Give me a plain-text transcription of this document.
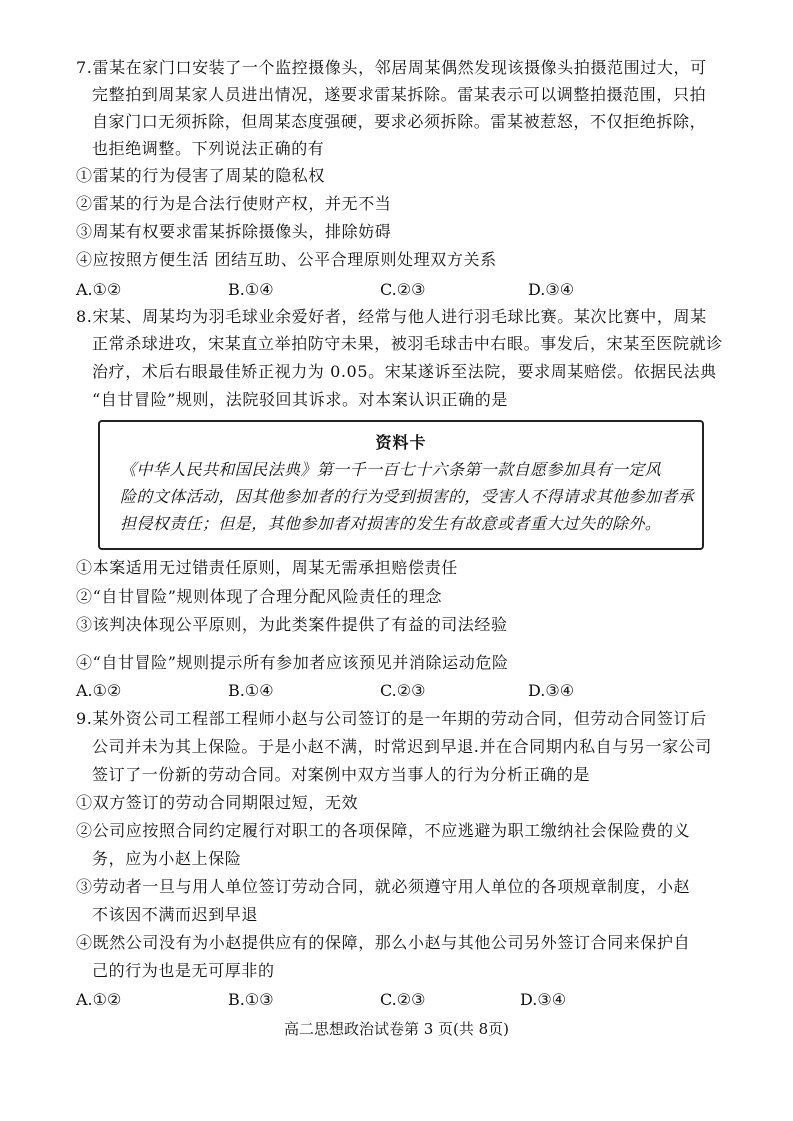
7.雷某在家门口安装了一个监控摄像头，邻居周某偶然发现该摄像头拍摄范围过大，可
完整拍到周某家人员进出情况，遂要求雷某拆除。雷某表示可以调整拍摄范围，只拍
自家门口无须拆除，但周某态度强硬，要求必须拆除。雷某被惹怒，不仅拒绝拆除，
也拒绝调整。下列说法正确的有
①雷某的行为侵害了周某的隐私权
②雷某的行为是合法行使财产权，并无不当
③周某有权要求雷某拆除摄像头，排除妨碍
④应按照方便生活 团结互助、公平合理原则处理双方关系
A.①②	B.①④	C.②③	D.③④
8.宋某、周某均为羽毛球业余爱好者，经常与他人进行羽毛球比赛。某次比赛中，周某
正常杀球进攻，宋某直立举拍防守未果，被羽毛球击中右眼。事发后，宋某至医院就诊
治疗，术后右眼最佳矫正视力为 0.05。宋某遂诉至法院，要求周某赔偿。依据民法典
“自甘冒险”规则，法院驳回其诉求。对本案认识正确的是
资料卡
《中华人民共和国民法典》第一千一百七十六条第一款自愿参加具有一定风
险的文体活动，因其他参加者的行为受到损害的，受害人不得请求其他参加者承
担侵权责任；但是，其他参加者对损害的发生有故意或者重大过失的除外。
①本案适用无过错责任原则，周某无需承担赔偿责任
②“自甘冒险”规则体现了合理分配风险责任的理念
③该判决体现公平原则，为此类案件提供了有益的司法经验
④“自甘冒险”规则提示所有参加者应该预见并消除运动危险
A.①②	B.①④	C.②③	D.③④
9.某外资公司工程部工程师小赵与公司签订的是一年期的劳动合同，但劳动合同签订后
公司并未为其上保险。于是小赵不满，时常迟到早退.并在合同期内私自与另一家公司
签订了一份新的劳动合同。对案例中双方当事人的行为分析正确的是
①双方签订的劳动合同期限过短，无效
②公司应按照合同约定履行对职工的各项保障，不应逃避为职工缴纳社会保险费的义
务，应为小赵上保险
③劳动者一旦与用人单位签订劳动合同，就必须遵守用人单位的各项规章制度，小赵
不该因不满而迟到早退
④既然公司没有为小赵提供应有的保障，那么小赵与其他公司另外签订合同来保护自
己的行为也是无可厚非的
A.①②	B.①③	C.②③	D.③④
高二思想政治试卷第 3 页(共 8页)
